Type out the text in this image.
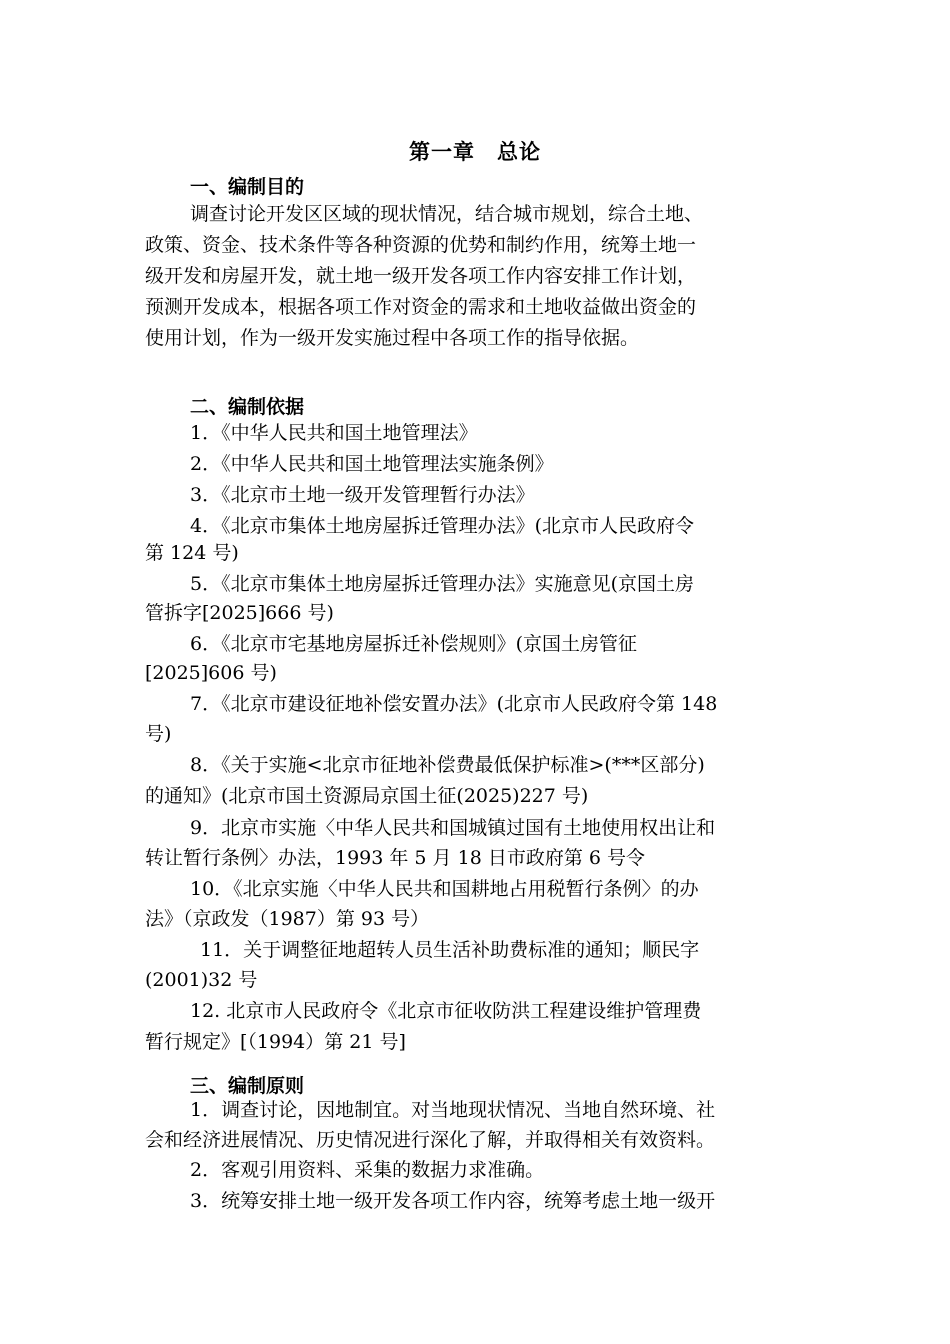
第一章　总论
一、编制目的

调查讨论开发区区域的现状情况，结合城市规划，综合土地、

政策、资金、技术条件等各种资源的优势和制约作用，统筹土地一

级开发和房屋开发，就土地一级开发各项工作内容安排工作计划，

预测开发成本，根据各项工作对资金的需求和土地收益做出资金的

使用计划，作为一级开发实施过程中各项工作的指导依据。

二、编制依据

1．《中华人民共和国土地管理法》

2．《中华人民共和国土地管理法实施条例》

3．《北京市土地一级开发管理暂行办法》

4．《北京市集体土地房屋拆迁管理办法》(北京市人民政府令

第 124 号)

5．《北京市集体土地房屋拆迁管理办法》实施意见(京国土房

管拆字[2025]666 号)

6．《北京市宅基地房屋拆迁补偿规则》(京国土房管征

[2025]606 号)

7．《北京市建设征地补偿安置办法》(北京市人民政府令第 148

号)

8．《关于实施<北京市征地补偿费最低保护标准>(***区部分)

的通知》(北京市国土资源局京国土征(2025)227 号)

9．北京市实施〈中华人民共和国城镇过国有土地使用权出让和

转让暂行条例〉办法，1993 年 5 月 18 日市政府第 6 号令

10．《北京实施〈中华人民共和国耕地占用税暂行条例〉的办

法》（京政发（1987）第 93 号）

11．关于调整征地超转人员生活补助费标准的通知；顺民字

(2001)32 号

12. 北京市人民政府令《北京市征收防洪工程建设维护管理费

暂行规定》[（1994）第 21 号]

三、编制原则

1．调查讨论，因地制宜。对当地现状情况、当地自然环境、社

会和经济进展情况、历史情况进行深化了解，并取得相关有效资料。

2．客观引用资料、采集的数据力求准确。

3．统筹安排土地一级开发各项工作内容，统筹考虑土地一级开
